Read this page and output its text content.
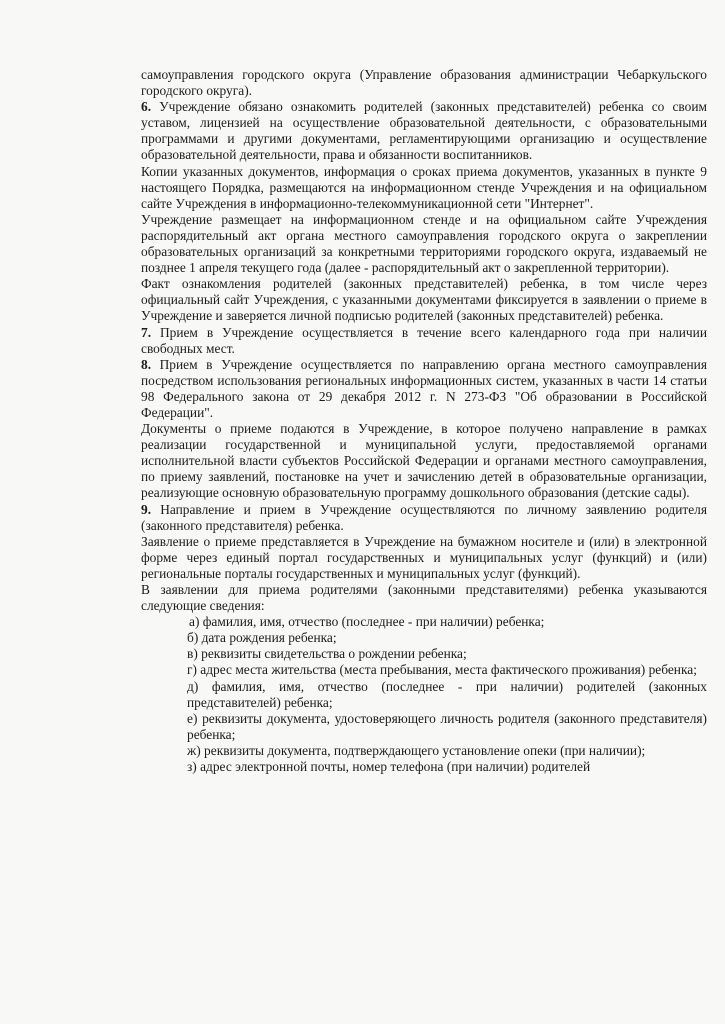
самоуправления городского округа (Управление образования администрации Чебаркульского городского округа).

6. Учреждение обязано ознакомить родителей (законных представителей) ребенка со своим уставом, лицензией на осуществление образовательной деятельности, с образовательными программами и другими документами, регламентирующими организацию и осуществление образовательной деятельности, права и обязанности воспитанников.

Копии указанных документов, информация о сроках приема документов, указанных в пункте 9 настоящего Порядка, размещаются на информационном стенде Учреждения и на официальном сайте Учреждения в информационно-телекоммуникационной сети "Интернет".

Учреждение размещает на информационном стенде и на официальном сайте Учреждения распорядительный акт органа местного самоуправления городского округа о закреплении образовательных организаций за конкретными территориями городского округа, издаваемый не позднее 1 апреля текущего года (далее - распорядительный акт о закрепленной территории).

Факт ознакомления родителей (законных представителей) ребенка, в том числе через официальный сайт Учреждения, с указанными документами фиксируется в заявлении о приеме в Учреждение и заверяется личной подписью родителей (законных представителей) ребенка.

7. Прием в Учреждение осуществляется в течение всего календарного года при наличии свободных мест.

8. Прием в Учреждение осуществляется по направлению органа местного самоуправления посредством использования региональных информационных систем, указанных в части 14 статьи 98 Федерального закона от 29 декабря 2012 г. N 273-ФЗ "Об образовании в Российской Федерации".

Документы о приеме подаются в Учреждение, в которое получено направление в рамках реализации государственной и муниципальной услуги, предоставляемой органами исполнительной власти субъектов Российской Федерации и органами местного самоуправления, по приему заявлений, постановке на учет и зачислению детей в образовательные организации, реализующие основную образовательную программу дошкольного образования (детские сады).

9. Направление и прием в Учреждение осуществляются по личному заявлению родителя (законного представителя) ребенка.

Заявление о приеме представляется в Учреждение на бумажном носителе и (или) в электронной форме через единый портал государственных и муниципальных услуг (функций) и (или) региональные порталы государственных и муниципальных услуг (функций).

В заявлении для приема родителями (законными представителями) ребенка указываются следующие сведения:

а) фамилия, имя, отчество (последнее - при наличии) ребенка;

б) дата рождения ребенка;

в) реквизиты свидетельства о рождении ребенка;

г) адрес места жительства (места пребывания, места фактического проживания) ребенка;

д) фамилия, имя, отчество (последнее - при наличии) родителей (законных представителей) ребенка;

е) реквизиты документа, удостоверяющего личность родителя (законного представителя) ребенка;

ж) реквизиты документа, подтверждающего установление опеки (при наличии);

з) адрес электронной почты, номер телефона (при наличии) родителей
